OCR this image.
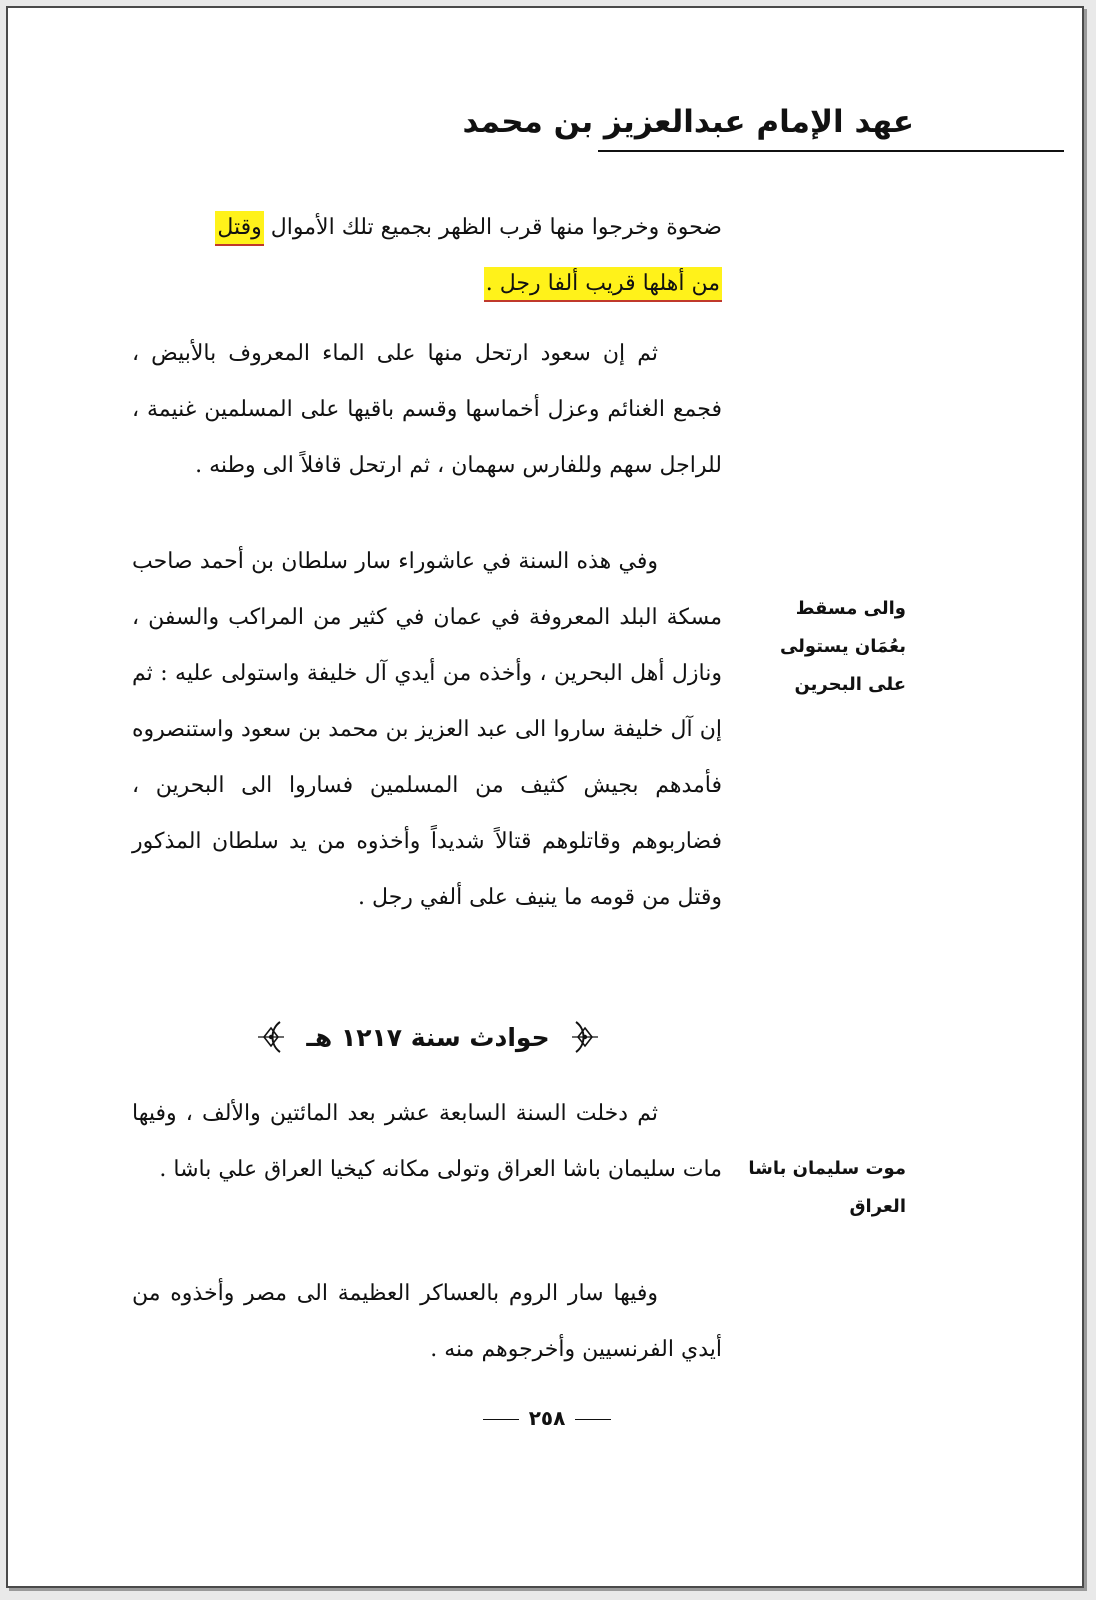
عهد الإمام عبدالعزيز بن محمد

ضحوة وخرجوا منها قرب الظهر بجميع تلك الأموال وقتل
من أهلها قريب ألفا رجل .

ثم إن سعود ارتحل منها على الماء المعروف بالأبيض ، فجمع الغنائم وعزل أخماسها وقسم باقيها على المسلمين غنيمة ، للراجل سهم وللفارس سهمان ، ثم ارتحل قافلاً الى وطنه .

وفي هذه السنة في عاشوراء سار سلطان بن أحمد صاحب مسكة البلد المعروفة في عمان في كثير من المراكب والسفن ، ونازل أهل البحرين ، وأخذه من أيدي آل خليفة واستولى عليه : ثم إن آل خليفة ساروا الى عبد العزيز بن محمد بن سعود واستنصروه فأمدهم بجيش كثيف من المسلمين فساروا الى البحرين ، فضاربوهم وقاتلوهم قتالاً شديداً وأخذوه من يد سلطان المذكور وقتل من قومه ما ينيف على ألفي رجل .

والى مسقط بعُمَان يستولى على البحرين

حوادث سنة ١٢١٧ هـ

ثم دخلت السنة السابعة عشر بعد المائتين والألف ، وفيها مات سليمان باشا العراق وتولى مكانه كيخيا العراق علي باشا . موت سليمان باشا العراق

وفيها سار الروم بالعساكر العظيمة الى مصر وأخذوه من أيدي الفرنسيين وأخرجوهم منه .

٢٥٨
